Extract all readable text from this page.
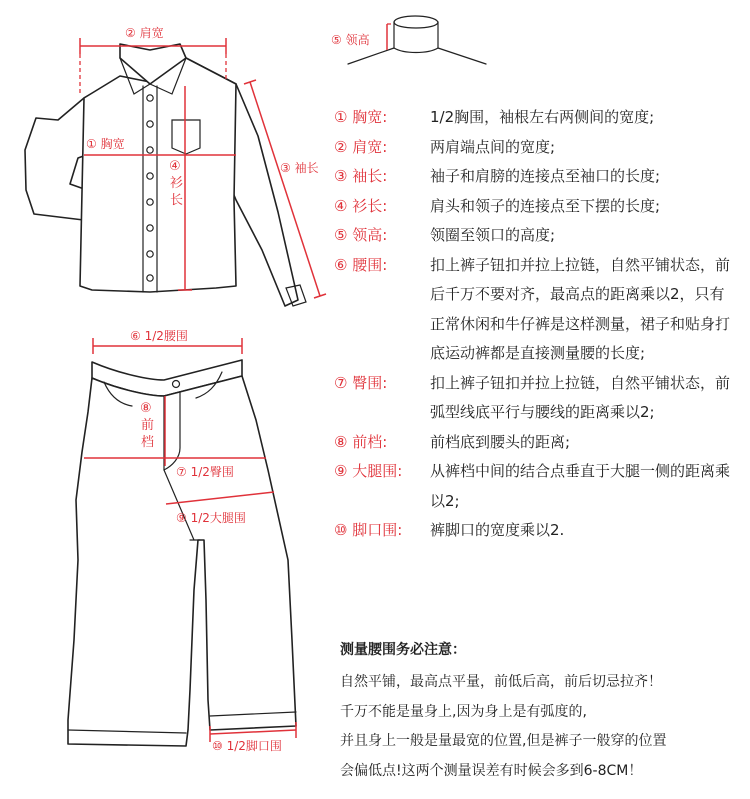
② 肩宽
① 胸宽
④
衫
长
③ 袖长
⑤ 领高
⑥ 1/2腰围
⑧
前
档
⑦ 1/2臀围
⑨ 1/2大腿围
⑩ 1/2脚口围
① 胸宽:	1/2胸围，袖根左右两侧间的宽度;
② 肩宽:	两肩端点间的宽度;
③ 袖长:	袖子和肩膀的连接点至袖口的长度;
④ 衫长:	肩头和领子的连接点至下摆的长度;
⑤ 领高:	领圈至领口的高度;
⑥ 腰围:	扣上裤子钮扣并拉上拉链，自然平铺状态，前后千万不要对齐，最高点的距离乘以2，只有正常休闲和牛仔裤是这样测量，裙子和贴身打底运动裤都是直接测量腰的长度;
⑦ 臀围:	扣上裤子钮扣并拉上拉链，自然平铺状态，前弧型线底平行与腰线的距离乘以2;
⑧ 前档:	前档底到腰头的距离;
⑨ 大腿围:	从裤档中间的结合点垂直于大腿一侧的距离乘以2;
⑩ 脚口围:	裤脚口的宽度乘以2.
测量腰围务必注意：
自然平铺，最高点平量，前低后高，前后切忌拉齐！
千万不能是量身上,因为身上是有弧度的,
并且身上一般是量最宽的位置,但是裤子一般穿的位置
会偏低点!这两个测量误差有时候会多到6-8CM！
